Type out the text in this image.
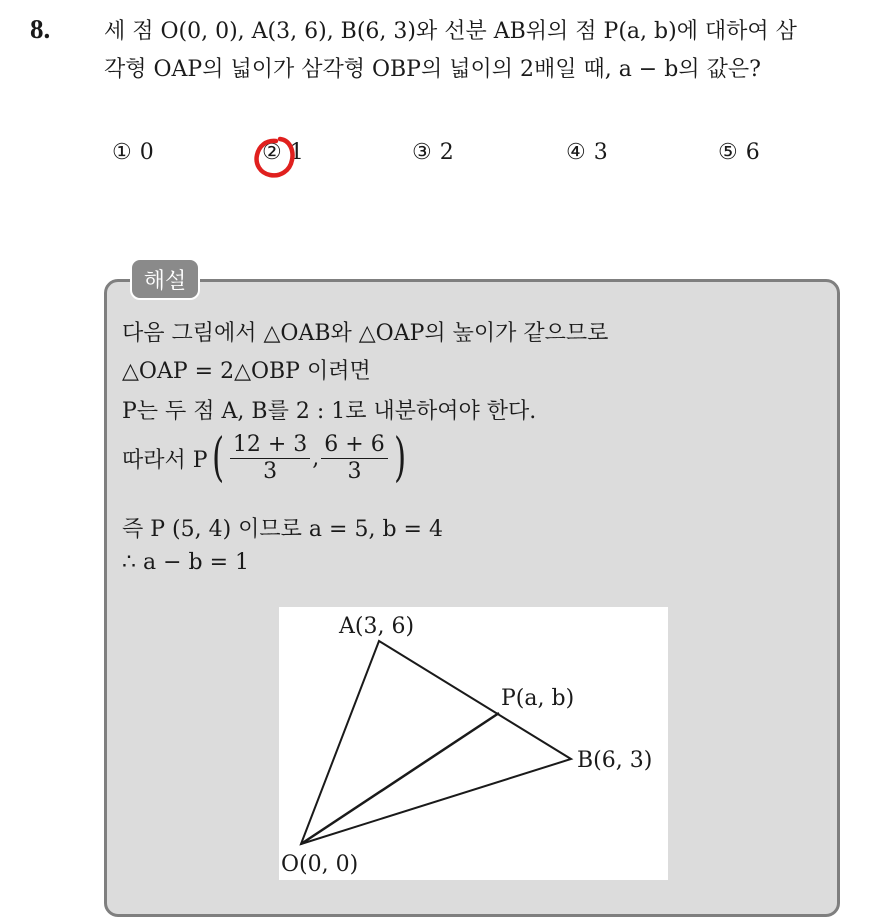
8. 세 점 O(0, 0), A(3, 6), B(6, 3)와 선분 AB위의 점 P(a, b)에 대하여 삼
각형 OAP의 넓이가 삼각형 OBP의 넓이의 2배일 때, a − b의 값은?
① 0	② 1	③ 2	④ 3	⑤ 6
해설
다음 그림에서 △OAB와 △OAP의 높이가 같으므로
△OAP = 2△OBP 이려면
P는 두 점 A, B를 2 : 1로 내분하여야 한다.
따라서 P ( $\frac{12 + 3}{3}$ , $\frac{6 + 6}{3}$ )
즉 P (5, 4) 이므로 a = 5, b = 4
∴ a − b = 1
A(3, 6)
P(a, b)
B(6, 3)
O(0, 0)
